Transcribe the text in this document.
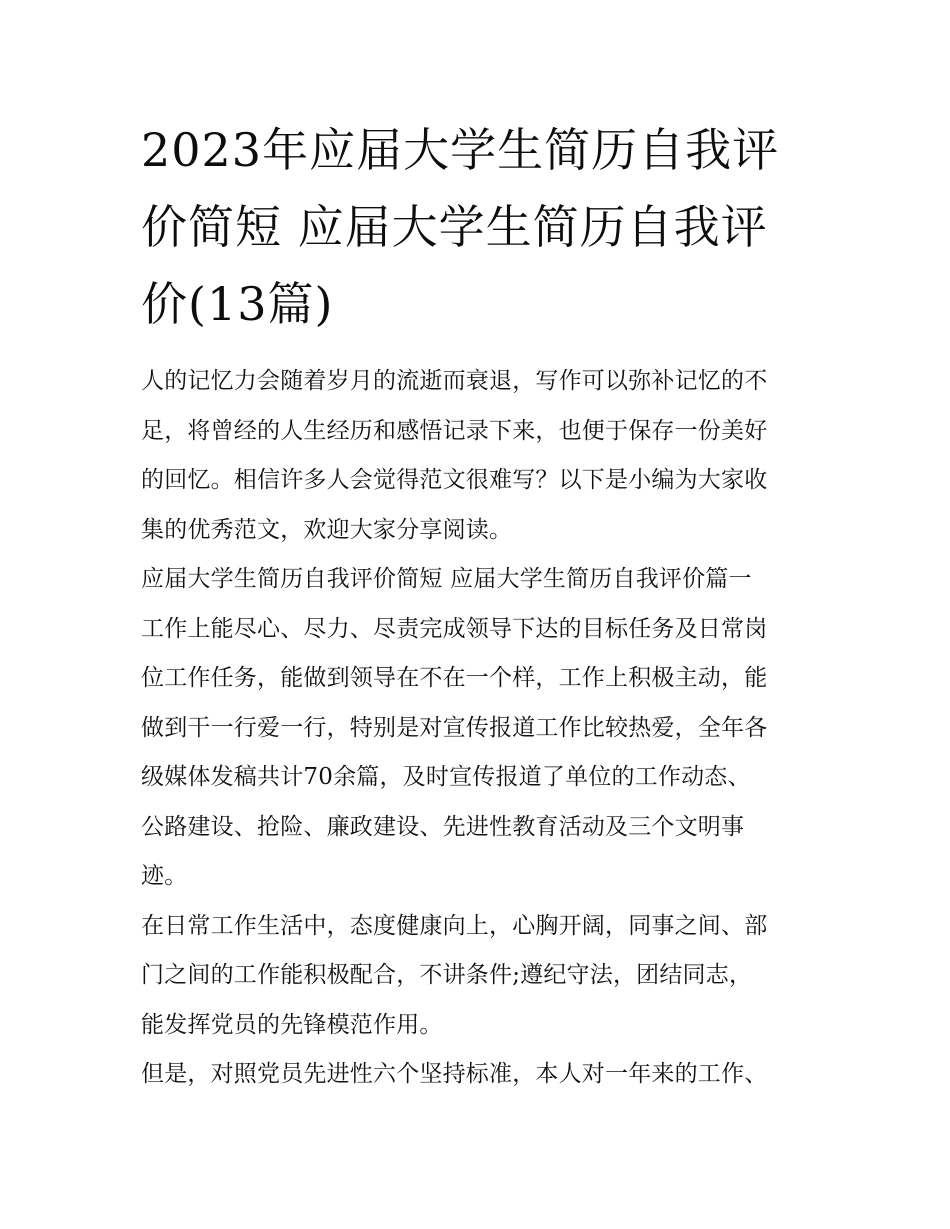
2023年应届大学生简历自我评
价简短 应届大学生简历自我评
价(13篇)

人的记忆力会随着岁月的流逝而衰退，写作可以弥补记忆的不
足，将曾经的人生经历和感悟记录下来，也便于保存一份美好
的回忆。相信许多人会觉得范文很难写？以下是小编为大家收
集的优秀范文，欢迎大家分享阅读。

应届大学生简历自我评价简短 应届大学生简历自我评价篇一

工作上能尽心、尽力、尽责完成领导下达的目标任务及日常岗
位工作任务，能做到领导在不在一个样，工作上积极主动，能
做到干一行爱一行，特别是对宣传报道工作比较热爱，全年各
级媒体发稿共计70余篇，及时宣传报道了单位的工作动态、
公路建设、抢险、廉政建设、先进性教育活动及三个文明事
迹。

在日常工作生活中，态度健康向上，心胸开阔，同事之间、部
门之间的工作能积极配合，不讲条件;遵纪守法，团结同志，
能发挥党员的先锋模范作用。

但是，对照党员先进性六个坚持标准，本人对一年来的工作、
